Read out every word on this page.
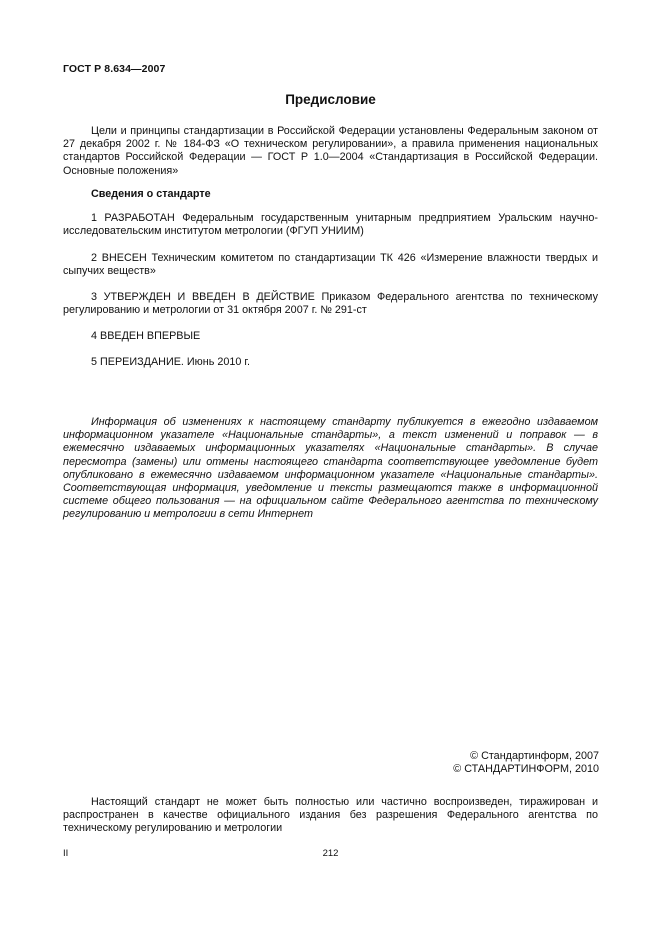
ГОСТ Р 8.634—2007
Предисловие

Цели и принципы стандартизации в Российской Федерации установлены Федеральным законом от 27 декабря 2002 г. № 184-ФЗ «О техническом регулировании», а правила применения национальных стандартов Российской Федерации — ГОСТ Р 1.0—2004 «Стандартизация в Российской Федерации. Основные положения»

Сведения о стандарте

1 РАЗРАБОТАН Федеральным государственным унитарным предприятием Уральским научно-исследовательским институтом метрологии (ФГУП УНИИМ)

2 ВНЕСЕН Техническим комитетом по стандартизации ТК 426 «Измерение влажности твердых и сыпучих веществ»

3 УТВЕРЖДЕН И ВВЕДЕН В ДЕЙСТВИЕ Приказом Федерального агентства по техническому регулированию и метрологии от 31 октября 2007 г. № 291-ст

4 ВВЕДЕН ВПЕРВЫЕ

5 ПЕРЕИЗДАНИЕ. Июнь 2010 г.

Информация об изменениях к настоящему стандарту публикуется в ежегодно издаваемом информационном указателе «Национальные стандарты», а текст изменений и поправок — в ежемесячно издаваемых информационных указателях «Национальные стандарты». В случае пересмотра (замены) или отмены настоящего стандарта соответствующее уведомление будет опубликовано в ежемесячно издаваемом информационном указателе «Национальные стандарты». Соответствующая информация, уведомление и тексты размещаются также в информационной системе общего пользования — на официальном сайте Федерального агентства по техническому регулированию и метрологии в сети Интернет

© Стандартинформ, 2007
© СТАНДАРТИНФОРМ, 2010

Настоящий стандарт не может быть полностью или частично воспроизведен, тиражирован и распространен в качестве официального издания без разрешения Федерального агентства по техническому регулированию и метрологии

II	212
